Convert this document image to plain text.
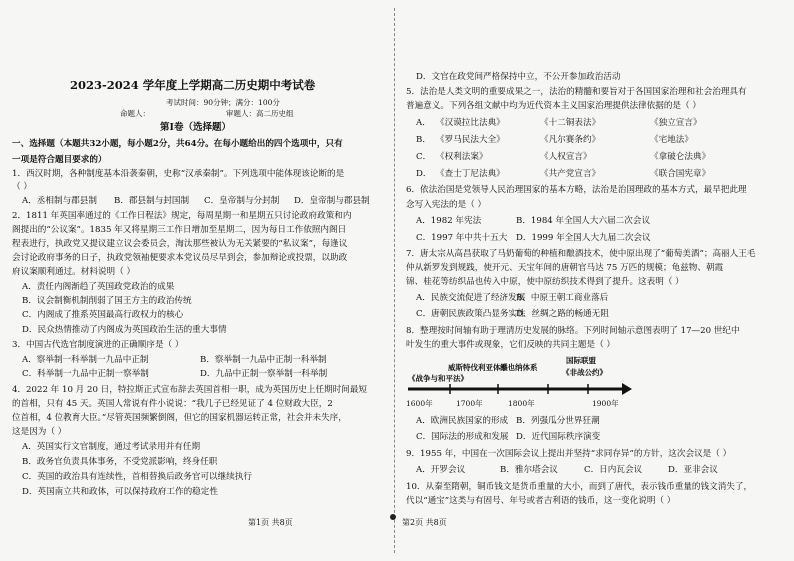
2023-2024 学年度上学期高二历史期中考试卷
考试时间：90分钟；满分：100分
命题人：	审题人：高二历史组
第Ⅰ卷（选择题）
一、选择题（本题共32小题，每小题2分，共64分。在每小题给出的四个选项中，只有
一项是符合题目要求的）
1．西汉时期，各种制度基本沿袭秦朝，史称“汉承秦制”。下列选项中能体现该论断的是
（ ）
A．丞相制与郡县制 B．郡县制与封国制 C．皇帝制与分封制 D．皇帝制与郡县制
2．1811 年英国率通过的《工作日程法》规定，每周星期一和星期五只讨论政府政策和内
阁提出的“公议案”。1835 年又将星期三工作日增加至星期二，因为每日工作依照内阁日
程表进行，执政党又提议建立议会委员会，淘汰那些被认为无关紧要的“私议案”，每逢议
会讨论政府事务的日子，执政党领袖便要求本党议员尽早到会，参加辩论或投票，以助政
府议案顺利通过。材料说明（ ）
A．责任内阁渐趋了英国政党政治的成果
B．议会制衡机制削弱了国王方主的政治传统
C．内阁成了推系英国最高行政权力的核心
D．民众热情推动了内阁成为英国政治生活的重大事情
3．中国古代选官制度演进的正确顺序是（ ）
A．察举制一科举制一九品中正制	B．察举制一九品中正制一科举制
C．科举制一九品中正制一察举制	D．九品中正制一察举制一科举制
4．2022 年 10 月 20 日，特拉斯正式宣布辞去英国首相一职，成为英国历史上任期时间最短
的首相，只有 45 天。英国人常说有件小说说：“我几子已经见证了 4 位财政大臣，2
位首相，4 位教育大臣。”尽管英国频繁倒阁，但它的国家机器运转正常，社会并未失序，
这是因为（ ）
A．英国实行文官制度，通过考试录用并有任期
B．政务官负责具体事务，不受党派影响，终身任职
C．英国的政治具有连续性，首相替换后政务官可以继续执行
D．英国南立共和政体，可以保持政府工作的稳定性
第1页 共8页
D．文官在政党间严格保持中立，不公开参加政治活动
5．法治是人类文明的重要成果之一，法治的精髓和要旨对于各国国家治理和社会治理具有
普遍意义。下列各组文献中均为近代资本主义国家治理提供法律依据的是（ ）
A． 《汉谟拉比法典》	《十二铜表法》	《独立宣言》
B． 《罗马民法大全》	《凡尔赛条约》	《宅地法》
C． 《权利法案》	《人权宣言》	《拿破仑法典》
D． 《查士丁尼法典》	《共产党宣言》	《联合国宪章》
6．依法治国是党领导人民治理国家的基本方略，法治是治国理政的基本方式，最早把此理
念写入宪法的是（ ）
A．1982 年宪法	B．1984 年全国人大六届二次会议
C．1997 年中共十五大 D．1999 年全国人大九届二次会议
7．唐太宗从高昌获取了马奶葡萄的种植和酿酒技术，使中原出现了“葡萄美酒”；高丽人王毛
仲从新罗发到规践，使开元、天宝年间的唐朝官马达 75 万匹的规模；龟兹物、朝霞
锦、桂花等纺织品也传入中原，使中原纺织技术得到了提升。这表明（ ）
A．民族交流促进了经济发展
B．中原王朝工商业落后
C．唐朝民族政策凸显务实性
D．丝绸之路的畅通无阻
8．整理按时间轴有助于理清历史发展的脉络。下列时间轴示意图表明了 17—20 世纪中
叶发生的重大事件或现象，它们反映的共同主题是（ ）
国际联盟
威斯特伐利亚体系
维也纳体系
《非战公约》
《战争与和平法》
1600年	1700年	1800年	1900年
A．欧洲民族国家的形成 B．列强瓜分世界狂潮
C．国际法的形成和发展 D．近代国际秩序演变
9．1955 年，中国在一次国际会议上提出并坚持“求同存异”的方针，这次会议是（ ）
A．开罗会议	B．雅尔塔会议	C．日内瓦会议	D．亚非会议
10．从秦至隋朝，铜币钱文是货币重量的大小，而到了唐代，表示钱币重量的钱文消失了，
代以“通宝”这类与有固号、年号或者吉利语的钱币，这一变化说明（ ）
第2页 共8页
